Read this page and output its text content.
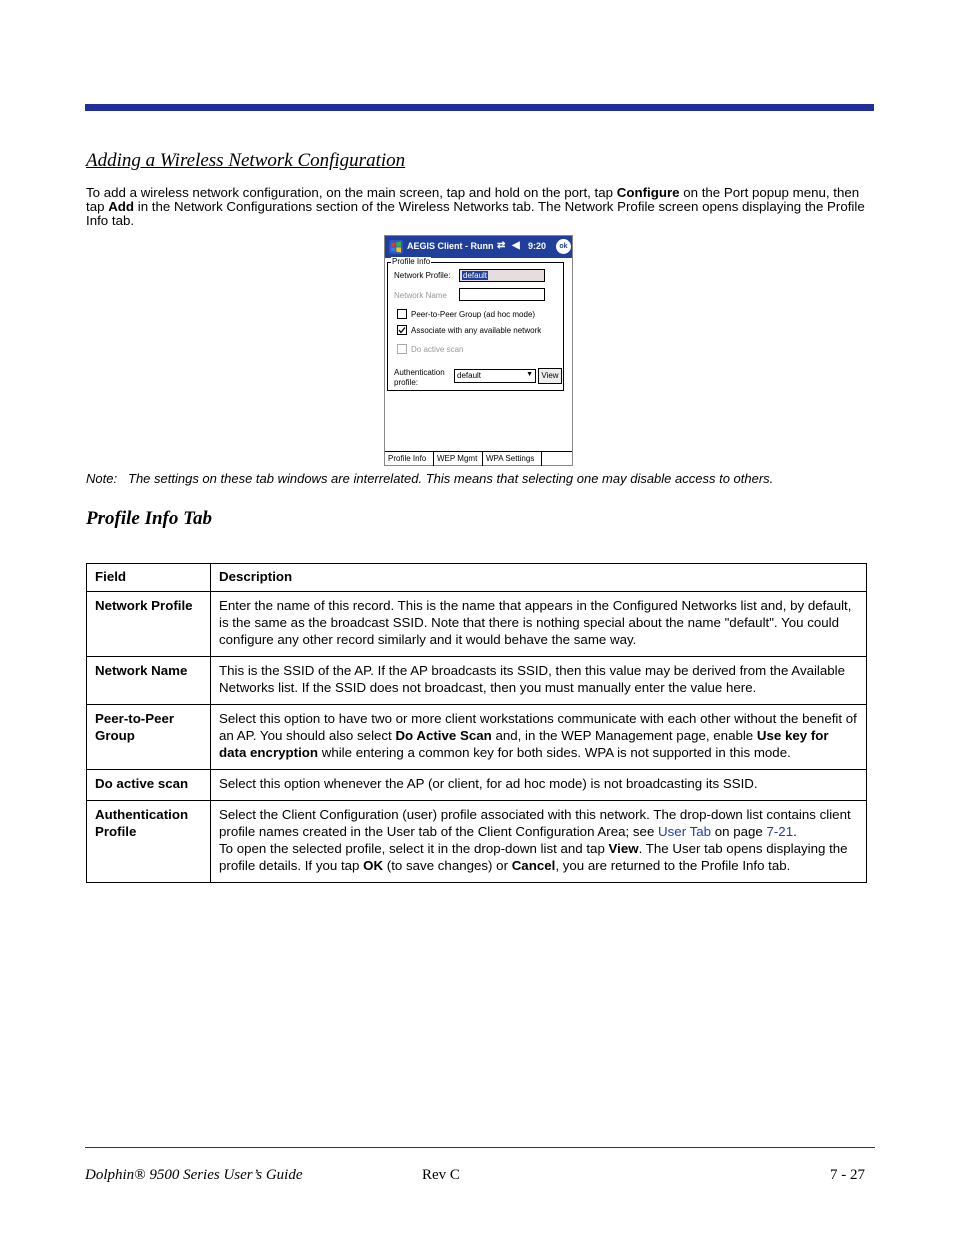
Adding a Wireless Network Configuration
To add a wireless network configuration, on the main screen, tap and hold on the port, tap Configure on the Port popup menu, then tap Add in the Network Configurations section of the Wireless Networks tab. The Network Profile screen opens displaying the Profile Info tab.
AEGIS Client - Runn ⇄ ◀ 9:20	ok
Profile Info
Network Profile: default
Network Name
Peer-to-Peer Group (ad hoc mode)
Associate with any available network
Do active scan
Authentication
profile:
default	▼	View
Profile Info	WEP Mgmt	WPA Settings
Note: The settings on these tab windows are interrelated. This means that selecting one may disable access to others.
Profile Info Tab
Field	Description
Network Profile	Enter the name of this record. This is the name that appears in the Configured Networks list and, by default, is the same as the broadcast SSID. Note that there is nothing special about the name "default". You could configure any other record similarly and it would behave the same way.
Network Name	This is the SSID of the AP. If the AP broadcasts its SSID, then this value may be derived from the Available Networks list. If the SSID does not broadcast, then you must manually enter the value here.
Peer-to-Peer Group	Select this option to have two or more client workstations communicate with each other without the benefit of an AP. You should also select Do Active Scan and, in the WEP Management page, enable Use key for data encryption while entering a common key for both sides. WPA is not supported in this mode.
Do active scan	Select this option whenever the AP (or client, for ad hoc mode) is not broadcasting its SSID.
Authentication Profile	Select the Client Configuration (user) profile associated with this network. The drop-down list contains client profile names created in the User tab of the Client Configuration Area; see User Tab on page 7-21.
To open the selected profile, select it in the drop-down list and tap View. The User tab opens displaying the profile details. If you tap OK (to save changes) or Cancel, you are returned to the Profile Info tab.
Dolphin® 9500 Series User’s Guide	Rev C	7 - 27
